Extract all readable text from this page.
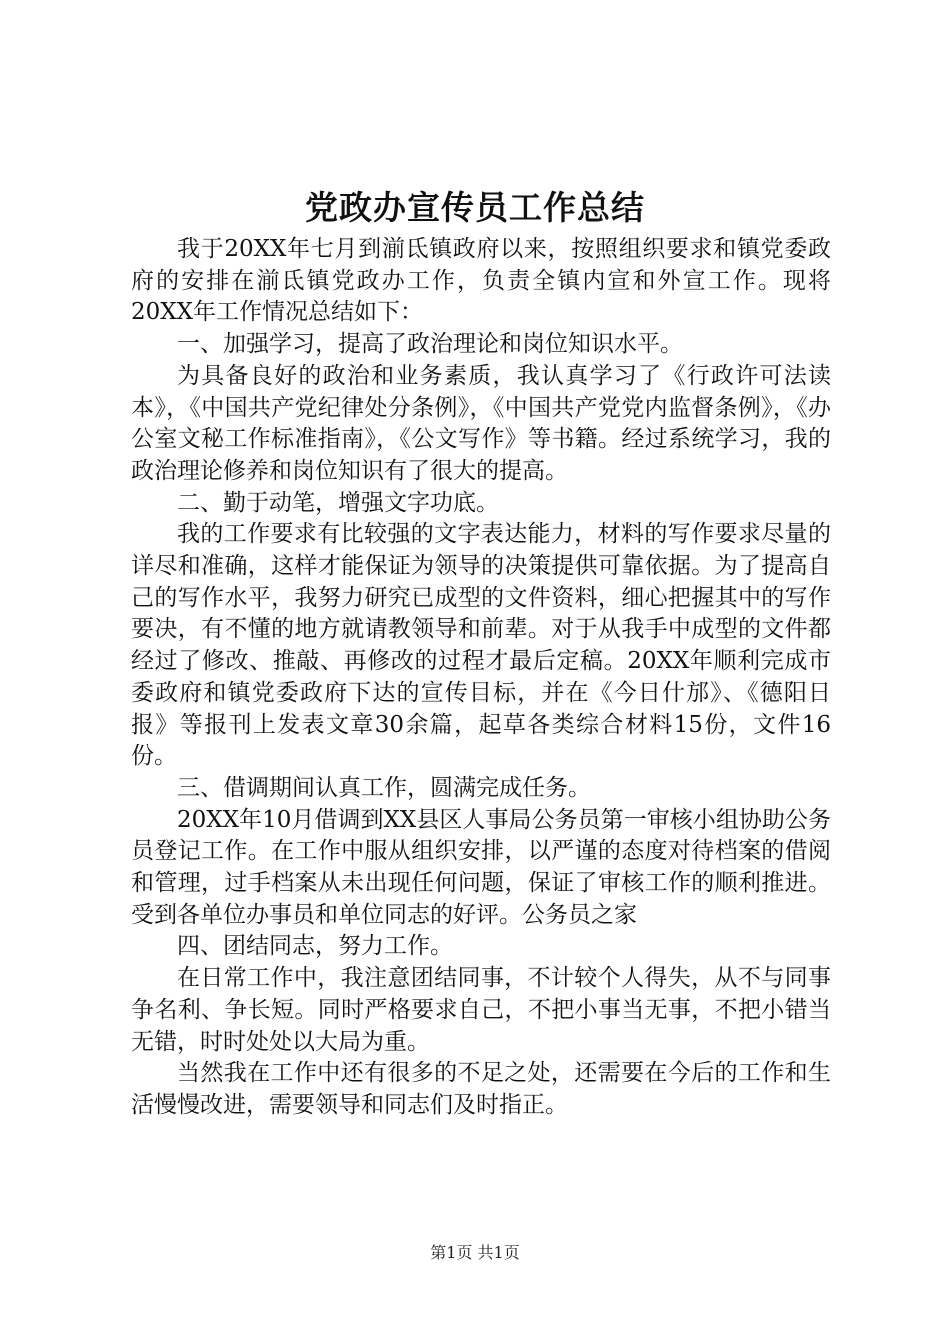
党政办宣传员工作总结

我于20XX年七月到湔氐镇政府以来，按照组织要求和镇党委政府的安排在湔氐镇党政办工作，负责全镇内宣和外宣工作。现将20XX年工作情况总结如下：

一、加强学习，提高了政治理论和岗位知识水平。

为具备良好的政治和业务素质，我认真学习了《行政许可法读本》，《中国共产党纪律处分条例》，《中国共产党党内监督条例》，《办公室文秘工作标准指南》，《公文写作》等书籍。经过系统学习，我的政治理论修养和岗位知识有了很大的提高。

二、勤于动笔，增强文字功底。

我的工作要求有比较强的文字表达能力，材料的写作要求尽量的详尽和准确，这样才能保证为领导的决策提供可靠依据。为了提高自己的写作水平，我努力研究已成型的文件资料，细心把握其中的写作要决，有不懂的地方就请教领导和前辈。对于从我手中成型的文件都经过了修改、推敲、再修改的过程才最后定稿。20XX年顺利完成市委政府和镇党委政府下达的宣传目标，并在《今日什邡》、《德阳日报》等报刊上发表文章30余篇，起草各类综合材料15份，文件16份。

三、借调期间认真工作，圆满完成任务。

20XX年10月借调到XX县区人事局公务员第一审核小组协助公务员登记工作。在工作中服从组织安排，以严谨的态度对待档案的借阅和管理，过手档案从未出现任何问题，保证了审核工作的顺利推进。受到各单位办事员和单位同志的好评。公务员之家

四、团结同志，努力工作。

在日常工作中，我注意团结同事，不计较个人得失，从不与同事争名利、争长短。同时严格要求自己，不把小事当无事，不把小错当无错，时时处处以大局为重。

当然我在工作中还有很多的不足之处，还需要在今后的工作和生活慢慢改进，需要领导和同志们及时指正。

第1页 共1页
